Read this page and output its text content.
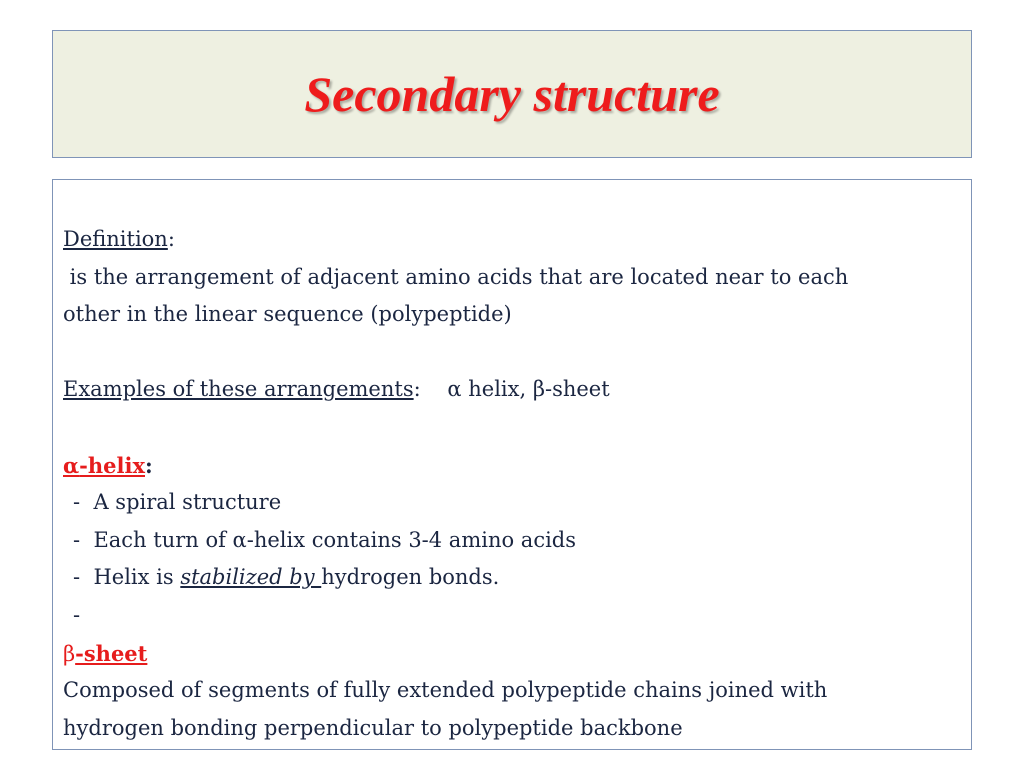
Secondary structure
Definition:
is the arrangement of adjacent amino acids that are located near to each
other in the linear sequence (polypeptide)
Examples of these arrangements:    α helix, β-sheet
α-helix:
-  A spiral structure
-  Each turn of α-helix contains 3-4 amino acids
-  Helix is stabilized by hydrogen bonds.
-
β-sheet
Composed of segments of fully extended polypeptide chains joined with
hydrogen bonding perpendicular to polypeptide backbone
